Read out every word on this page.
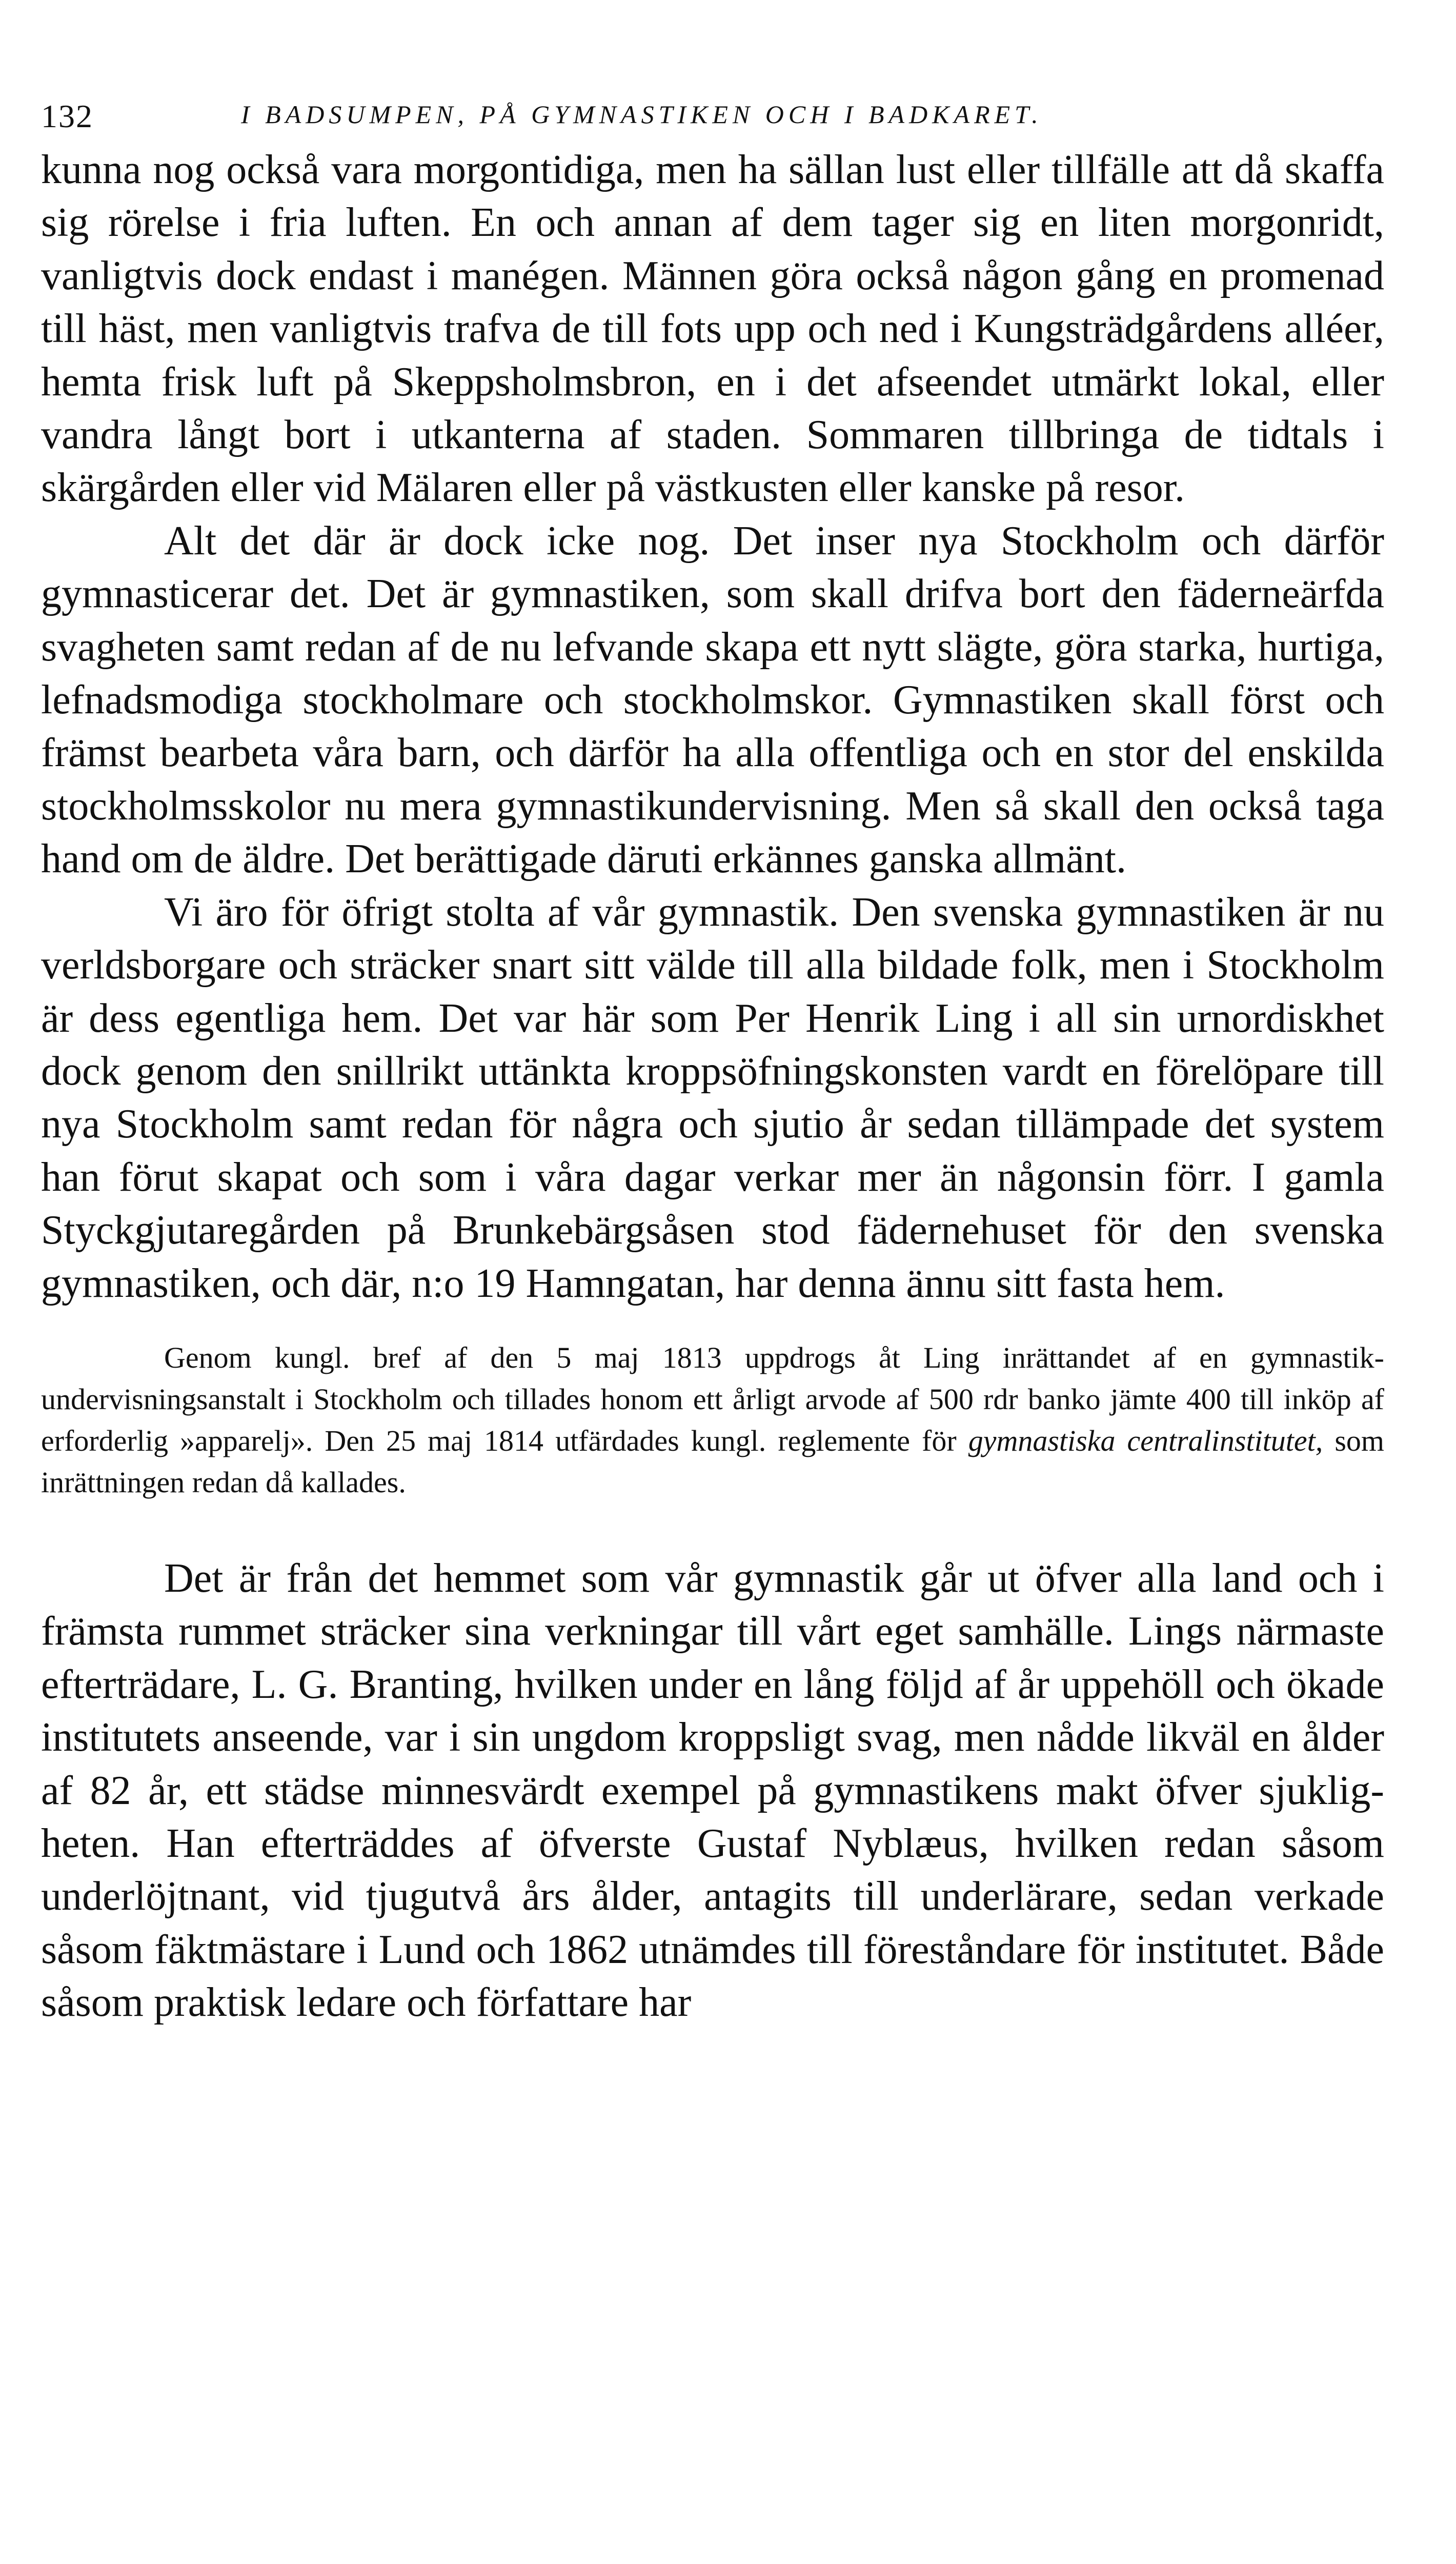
132	I BADSUMPEN, PÅ GYMNASTIKEN OCH I BADKARET.

kunna nog också vara morgontidiga, men ha sällan lust eller tillfälle att då skaffa sig rörelse i fria luften. En och annan af dem tager sig en liten morgonridt, vanligtvis dock endast i manégen. Männen göra också någon gång en promenad till häst, men vanligtvis trafva de till fots upp och ned i Kungsträdgårdens alléer, hemta frisk luft på Skeppsholmsbron, en i det afseendet utmärkt lokal, eller vandra långt bort i utkanterna af staden. Sommaren tillbringa de tidtals i skärgården eller vid Mälaren eller på västkusten eller kanske på resor.

Alt det där är dock icke nog. Det inser nya Stockholm och därför gymnasticerar det. Det är gymnastiken, som skall drifva bort den fäderneärfda svagheten samt redan af de nu lefvande skapa ett nytt slägte, göra starka, hurtiga, lefnadsmodiga stockholmare och stockholmskor. Gymnastiken skall först och främst bearbeta våra barn, och därför ha alla offentliga och en stor del enskilda stockholmsskolor nu mera gymnastikundervisning. Men så skall den också taga hand om de äldre. Det berättigade däruti erkännes ganska allmänt.

Vi äro för öfrigt stolta af vår gymnastik. Den svenska gymnastiken är nu verldsborgare och sträcker snart sitt välde till alla bildade folk, men i Stockholm är dess egentliga hem. Det var här som Per Henrik Ling i all sin urnordiskhet dock genom den snillrikt uttänkta kroppsöfningskonsten vardt en förelöpare till nya Stockholm samt redan för några och sjutio år sedan tillämpade det system han förut skapat och som i våra dagar verkar mer än någonsin förr. I gamla Styckgjutaregården på Brunkebärgsåsen stod fädernehuset för den svenska gymnastiken, och där, n:o 19 Hamngatan, har denna ännu sitt fasta hem.

Genom kungl. bref af den 5 maj 1813 uppdrogs åt Ling inrättandet af en gymnastik-undervisningsanstalt i Stockholm och tillades honom ett årligt arvode af 500 rdr banko jämte 400 till inköp af erforderlig »apparelj». Den 25 maj 1814 utfärdades kungl. reglemente för gymnastiska centralinstitutet, som inrättningen redan då kallades.

Det är från det hemmet som vår gymnastik går ut öfver alla land och i främsta rummet sträcker sina verkningar till vårt eget samhälle. Lings närmaste efterträdare, L. G. Branting, hvilken under en lång följd af år uppehöll och ökade institutets anseende, var i sin ungdom kroppsligt svag, men nådde likväl en ålder af 82 år, ett städse minnesvärdt exempel på gymnastikens makt öfver sjukligheten. Han efterträddes af öfverste Gustaf Nyblæus, hvilken redan såsom underlöjtnant, vid tjugutvå års ålder, antagits till underlärare, sedan verkade såsom fäktmästare i Lund och 1862 utnämdes till föreståndare för institutet. Både såsom praktisk ledare och författare har
